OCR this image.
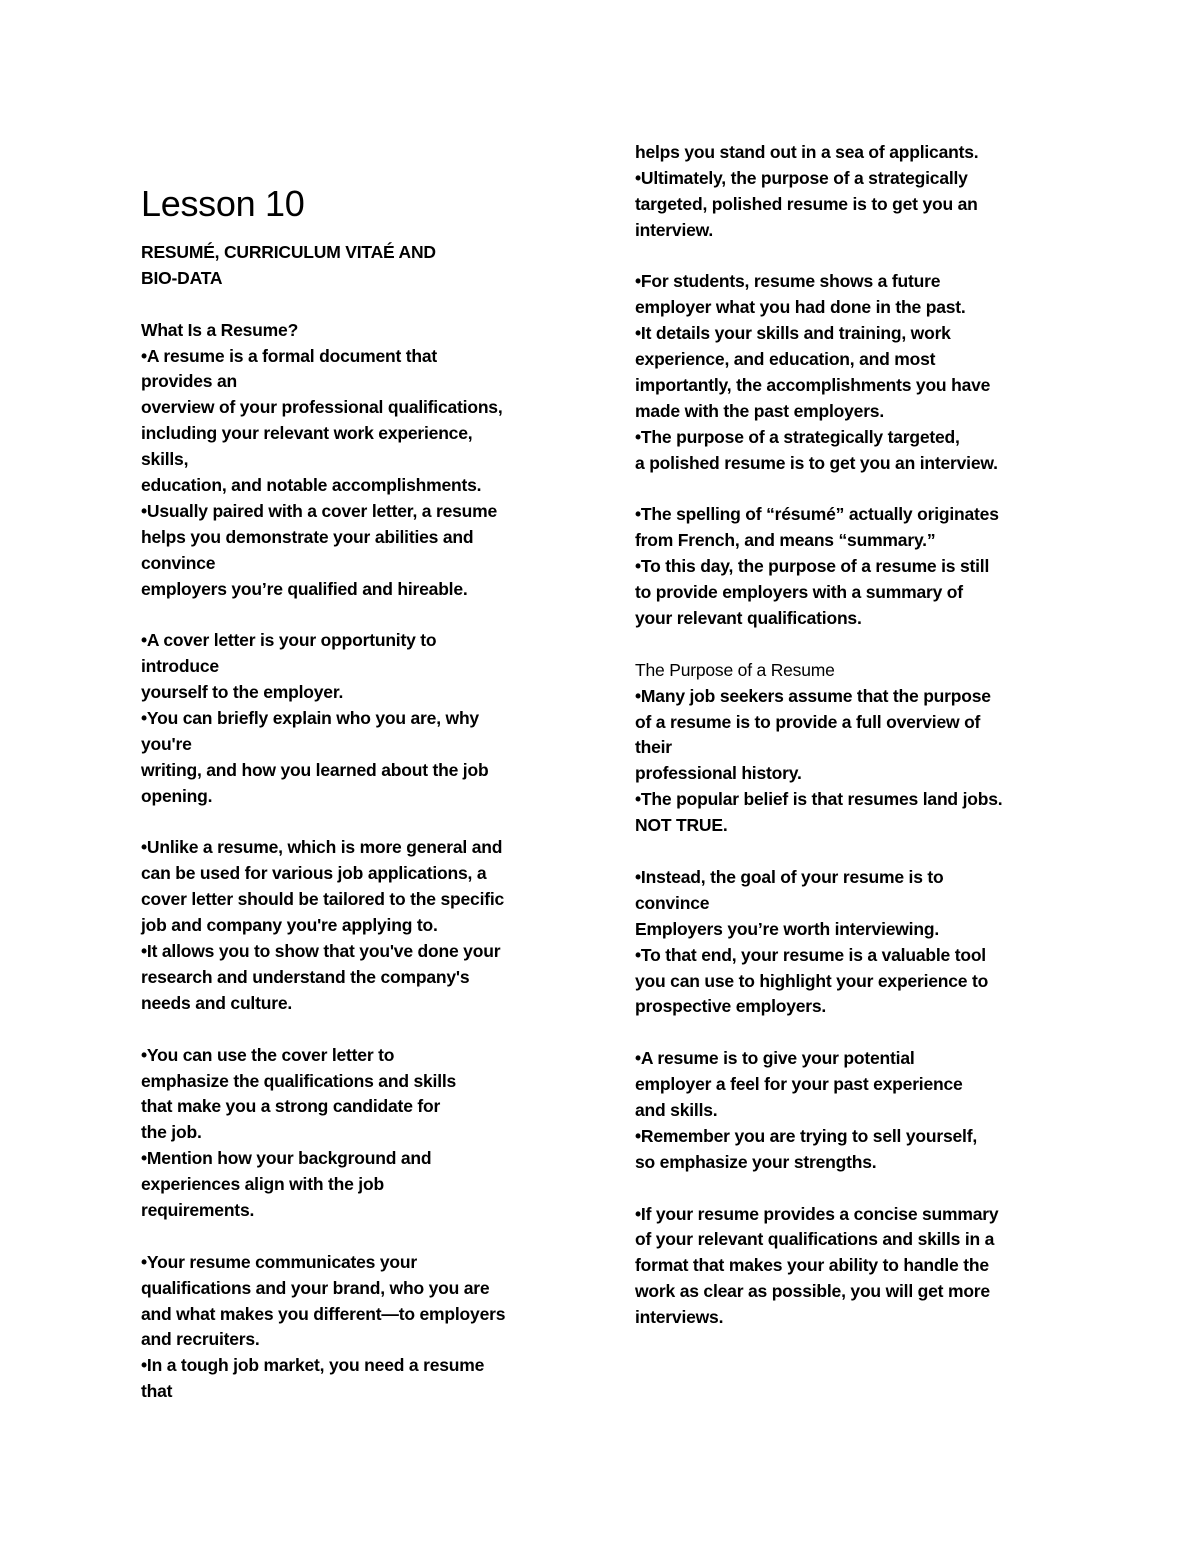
Lesson 10
RESUMÉ, CURRICULUM VITAÉ AND
BIO-DATA
What Is a Resume?
•A resume is a formal document that
provides an
overview of your professional qualifications,
including your relevant work experience,
skills,
education, and notable accomplishments.
•Usually paired with a cover letter, a resume
helps you demonstrate your abilities and
convince
employers you’re qualified and hireable.
•A cover letter is your opportunity to
introduce
yourself to the employer.
•You can briefly explain who you are, why
you're
writing, and how you learned about the job
opening.
•Unlike a resume, which is more general and
can be used for various job applications, a
cover letter should be tailored to the specific
job and company you're applying to.
•It allows you to show that you've done your
research and understand the company's
needs and culture.
•You can use the cover letter to
emphasize the qualifications and skills
that make you a strong candidate for
the job.
•Mention how your background and
experiences align with the job
requirements.
•Your resume communicates your
qualifications and your brand, who you are
and what makes you different—to employers
and recruiters.
•In a tough job market, you need a resume
that
helps you stand out in a sea of applicants.
•Ultimately, the purpose of a strategically
targeted, polished resume is to get you an
interview.
•For students, resume shows a future
employer what you had done in the past.
•It details your skills and training, work
experience, and education, and most
importantly, the accomplishments you have
made with the past employers.
•The purpose of a strategically targeted,
a polished resume is to get you an interview.
•The spelling of “résumé” actually originates
from French, and means “summary.”
•To this day, the purpose of a resume is still
to provide employers with a summary of
your relevant qualifications.
The Purpose of a Resume
•Many job seekers assume that the purpose
of a resume is to provide a full overview of
their
professional history.
•The popular belief is that resumes land jobs.
NOT TRUE.
•Instead, the goal of your resume is to
convince
Employers you’re worth interviewing.
•To that end, your resume is a valuable tool
you can use to highlight your experience to
prospective employers.
•A resume is to give your potential
employer a feel for your past experience
and skills.
•Remember you are trying to sell yourself,
so emphasize your strengths.
•If your resume provides a concise summary
of your relevant qualifications and skills in a
format that makes your ability to handle the
work as clear as possible, you will get more
interviews.
